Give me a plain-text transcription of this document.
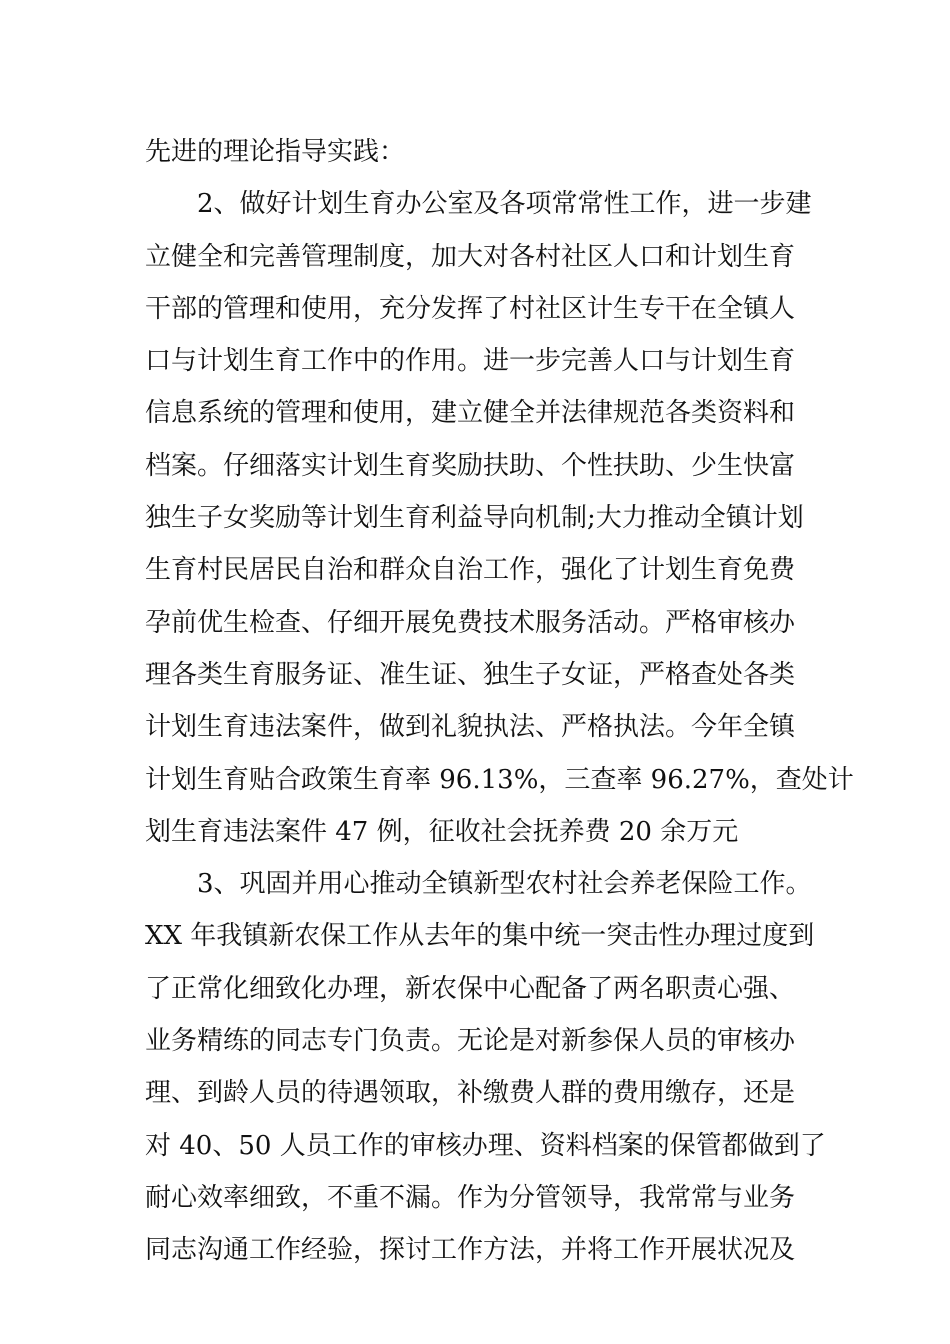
先进的理论指导实践：
2、做好计划生育办公室及各项常常性工作，进一步建
立健全和完善管理制度，加大对各村社区人口和计划生育
干部的管理和使用，充分发挥了村社区计生专干在全镇人
口与计划生育工作中的作用。进一步完善人口与计划生育
信息系统的管理和使用，建立健全并法律规范各类资料和
档案。仔细落实计划生育奖励扶助、个性扶助、少生快富
独生子女奖励等计划生育利益导向机制;大力推动全镇计划
生育村民居民自治和群众自治工作，强化了计划生育免费
孕前优生检查、仔细开展免费技术服务活动。严格审核办
理各类生育服务证、准生证、独生子女证，严格查处各类
计划生育违法案件，做到礼貌执法、严格执法。今年全镇
计划生育贴合政策生育率 96.13%，三查率 96.27%，查处计
划生育违法案件 47 例，征收社会抚养费 20 余万元
3、巩固并用心推动全镇新型农村社会养老保险工作。
XX 年我镇新农保工作从去年的集中统一突击性办理过度到
了正常化细致化办理，新农保中心配备了两名职责心强、
业务精练的同志专门负责。无论是对新参保人员的审核办
理、到龄人员的待遇领取，补缴费人群的费用缴存，还是
对 40、50 人员工作的审核办理、资料档案的保管都做到了
耐心效率细致，不重不漏。作为分管领导，我常常与业务
同志沟通工作经验，探讨工作方法，并将工作开展状况及
